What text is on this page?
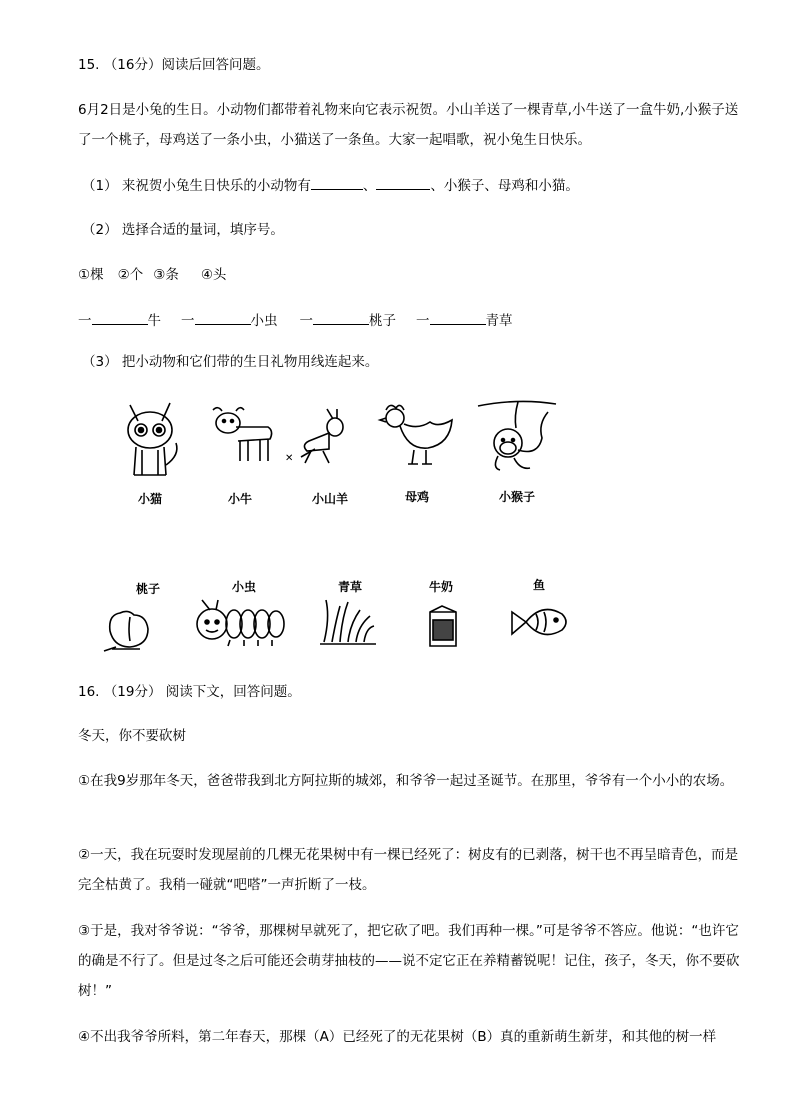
15. （16分）阅读后回答问题。
6月2日是小兔的生日。小动物们都带着礼物来向它表示祝贺。小山羊送了一棵青草,小牛送了一盒牛奶,小猴子送了一个桃子，母鸡送了一条小虫，小猫送了一条鱼。大家一起唱歌，祝小兔生日快乐。
（1） 来祝贺小兔生日快乐的小动物有	、	、小猴子、母鸡和小猫。
（2） 选择合适的量词，填序号。
①棵 ②个 ③条 ④头
一	牛 一	小虫 一	桃子 一	青草
（3） 把小动物和它们带的生日礼物用线连起来。
✕
小猫	小牛	小山羊	母鸡	小猴子
桃子	小虫	青草	牛奶	鱼
16. （19分） 阅读下文，回答问题。
冬天，你不要砍树
①在我9岁那年冬天，爸爸带我到北方阿拉斯的城郊，和爷爷一起过圣诞节。在那里，爷爷有一个小小的农场。
②一天，我在玩耍时发现屋前的几棵无花果树中有一棵已经死了：树皮有的已剥落，树干也不再呈暗青色，而是完全枯黄了。我稍一碰就“吧嗒”一声折断了一枝。
③于是，我对爷爷说：“爷爷，那棵树早就死了，把它砍了吧。我们再种一棵。”可是爷爷不答应。他说：“也许它的确是不行了。但是过冬之后可能还会萌芽抽枝的——说不定它正在养精蓄锐呢！记住，孩子，冬天，你不要砍树！”
④不出我爷爷所料，第二年春天，那棵（A）已经死了的无花果树（B）真的重新萌生新芽，和其他的树一样
